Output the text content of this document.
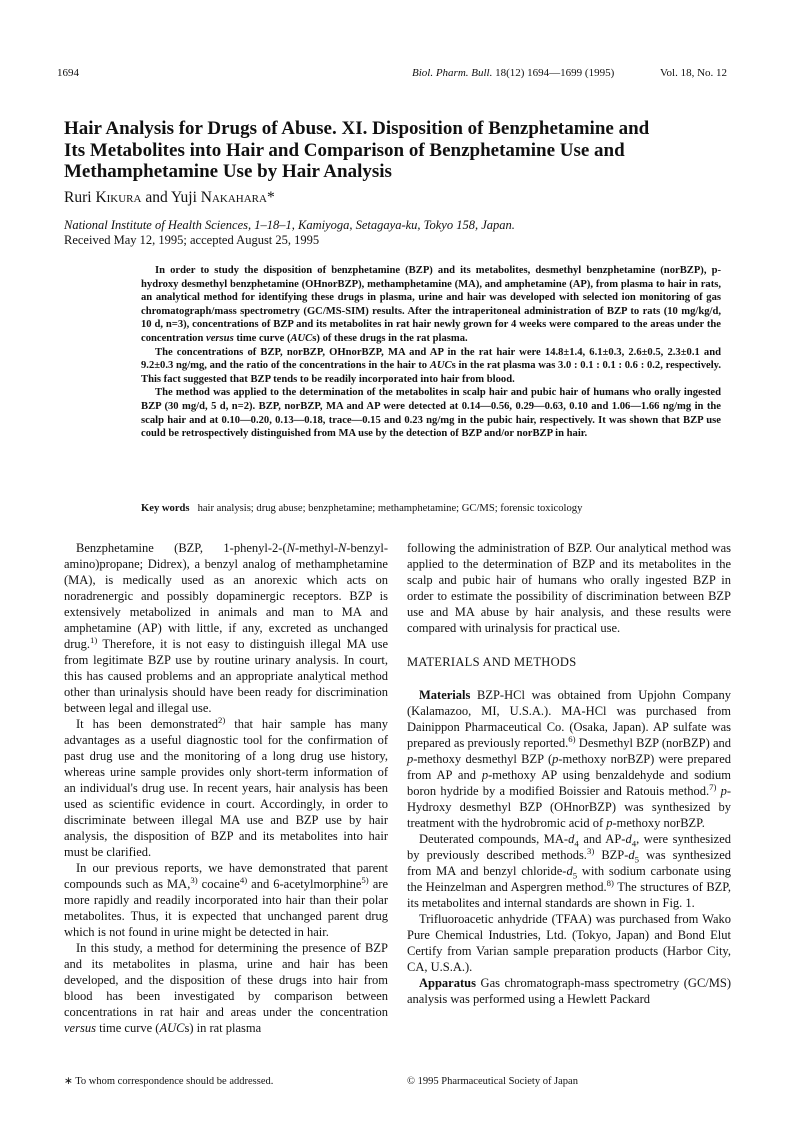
1694	Biol. Pharm. Bull. 18(12) 1694—1699 (1995)	Vol. 18, No. 12
Hair Analysis for Drugs of Abuse. XI. Disposition of Benzphetamine and
Its Metabolites into Hair and Comparison of Benzphetamine Use and
Methamphetamine Use by Hair Analysis
Ruri Kikura and Yuji Nakahara*
National Institute of Health Sciences, 1–18–1, Kamiyoga, Setagaya-ku, Tokyo 158, Japan.
Received May 12, 1995; accepted August 25, 1995

In order to study the disposition of benzphetamine (BZP) and its metabolites, desmethyl benzphetamine (norBZP), p-hydroxy desmethyl benzphetamine (OHnorBZP), methamphetamine (MA), and amphetamine (AP), from plasma to hair in rats, an analytical method for identifying these drugs in plasma, urine and hair was developed with selected ion monitoring of gas chromatograph/mass spectrometry (GC/MS-SIM) results. After the intraperitoneal administration of BZP to rats (10 mg/kg/d, 10 d, n=3), concentrations of BZP and its metabolites in rat hair newly grown for 4 weeks were compared to the areas under the concentration versus time curve (AUCs) of these drugs in the rat plasma.

The concentrations of BZP, norBZP, OHnorBZP, MA and AP in the rat hair were 14.8±1.4, 6.1±0.3, 2.6±0.5, 2.3±0.1 and 9.2±0.3 ng/mg, and the ratio of the concentrations in the hair to AUCs in the rat plasma was 3.0 : 0.1 : 0.1 : 0.6 : 0.2, respectively. This fact suggested that BZP tends to be readily incorporated into hair from blood.

The method was applied to the determination of the metabolites in scalp hair and pubic hair of humans who orally ingested BZP (30 mg/d, 5 d, n=2). BZP, norBZP, MA and AP were detected at 0.14—0.56, 0.29—0.63, 0.10 and 1.06—1.66 ng/mg in the scalp hair and at 0.10—0.20, 0.13—0.18, trace—0.15 and 0.23 ng/mg in the pubic hair, respectively. It was shown that BZP use could be retrospectively distinguished from MA use by the detection of BZP and/or norBZP in hair.

Key words hair analysis; drug abuse; benzphetamine; methamphetamine; GC/MS; forensic toxicology

Benzphetamine (BZP, 1-phenyl-2-(N-methyl-N-benzyl-amino)propane; Didrex), a benzyl analog of methamphetamine (MA), is medically used as an anorexic which acts on noradrenergic and possibly dopaminergic receptors. BZP is extensively metabolized in animals and man to MA and amphetamine (AP) with little, if any, excreted as unchanged drug.$^{1)}$ Therefore, it is not easy to distinguish illegal MA use from legitimate BZP use by routine urinary analysis. In court, this has caused problems and an appropriate analytical method other than urinalysis should have been ready for discrimination between legal and illegal use.

It has been demonstrated$^{2)}$ that hair sample has many advantages as a useful diagnostic tool for the confirmation of past drug use and the monitoring of a long drug use history, whereas urine sample provides only short-term information of an individual's drug use. In recent years, hair analysis has been used as scientific evidence in court. Accordingly, in order to discriminate between illegal MA use and BZP use by hair analysis, the disposition of BZP and its metabolites into hair must be clarified.

In our previous reports, we have demonstrated that parent compounds such as MA,$^{3)}$ cocaine$^{4)}$ and 6-acetylmorphine$^{5)}$ are more rapidly and readily incorporated into hair than their polar metabolites. Thus, it is expected that unchanged parent drug which is not found in urine might be detected in hair.

In this study, a method for determining the presence of BZP and its metabolites in plasma, urine and hair has been developed, and the disposition of these drugs into hair from blood has been investigated by comparison between concentrations in rat hair and areas under the concentration versus time curve (AUCs) in rat plasma

following the administration of BZP. Our analytical method was applied to the determination of BZP and its metabolites in the scalp and pubic hair of humans who orally ingested BZP in order to estimate the possibility of discrimination between BZP use and MA abuse by hair analysis, and these results were compared with urinalysis for practical use.

MATERIALS AND METHODS

Materials BZP-HCl was obtained from Upjohn Company (Kalamazoo, MI, U.S.A.). MA-HCl was purchased from Dainippon Pharmaceutical Co. (Osaka, Japan). AP sulfate was prepared as previously reported.$^{6)}$ Desmethyl BZP (norBZP) and p-methoxy desmethyl BZP (p-methoxy norBZP) were prepared from AP and p-methoxy AP using benzaldehyde and sodium boron hydride by a modified Boissier and Ratouis method.$^{7)}$ p-Hydroxy desmethyl BZP (OHnorBZP) was synthesized by treatment with the hydrobromic acid of p-methoxy norBZP.

Deuterated compounds, $MA-d_4$ and $AP-d_4$, were synthesized by previously described methods.$^{3)}$ BZP-$d_5$ was synthesized from MA and benzyl chloride-$d_5$ with sodium carbonate using the Heinzelman and Aspergren method.$^{8)}$ The structures of BZP, its metabolites and internal standards are shown in Fig. 1.

Trifluoroacetic anhydride (TFAA) was purchased from Wako Pure Chemical Industries, Ltd. (Tokyo, Japan) and Bond Elut Certify from Varian sample preparation products (Harbor City, CA, U.S.A.).

Apparatus Gas chromatograph-mass spectrometry (GC/MS) analysis was performed using a Hewlett Packard

∗ To whom correspondence should be addressed.	© 1995 Pharmaceutical Society of Japan
